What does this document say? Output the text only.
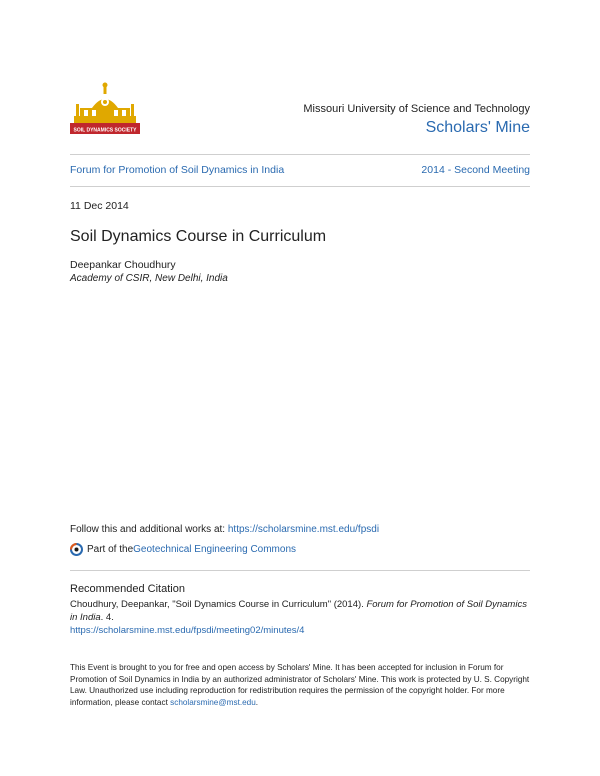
SOIL DYNAMICS SOCIETY
Missouri University of Science and Technology
Scholars' Mine
Forum for Promotion of Soil Dynamics in India	2014 - Second Meeting
11 Dec 2014
Soil Dynamics Course in Curriculum
Deepankar Choudhury
Academy of CSIR, New Delhi, India
Follow this and additional works at: https://scholarsmine.mst.edu/fpsdi
Part of the Geotechnical Engineering Commons
Recommended Citation
Choudhury, Deepankar, "Soil Dynamics Course in Curriculum" (2014). Forum for Promotion of Soil Dynamics in India. 4.
https://scholarsmine.mst.edu/fpsdi/meeting02/minutes/4
This Event is brought to you for free and open access by Scholars' Mine. It has been accepted for inclusion in Forum for Promotion of Soil Dynamics in India by an authorized administrator of Scholars' Mine. This work is protected by U. S. Copyright Law. Unauthorized use including reproduction for redistribution requires the permission of the copyright holder. For more information, please contact scholarsmine@mst.edu.
